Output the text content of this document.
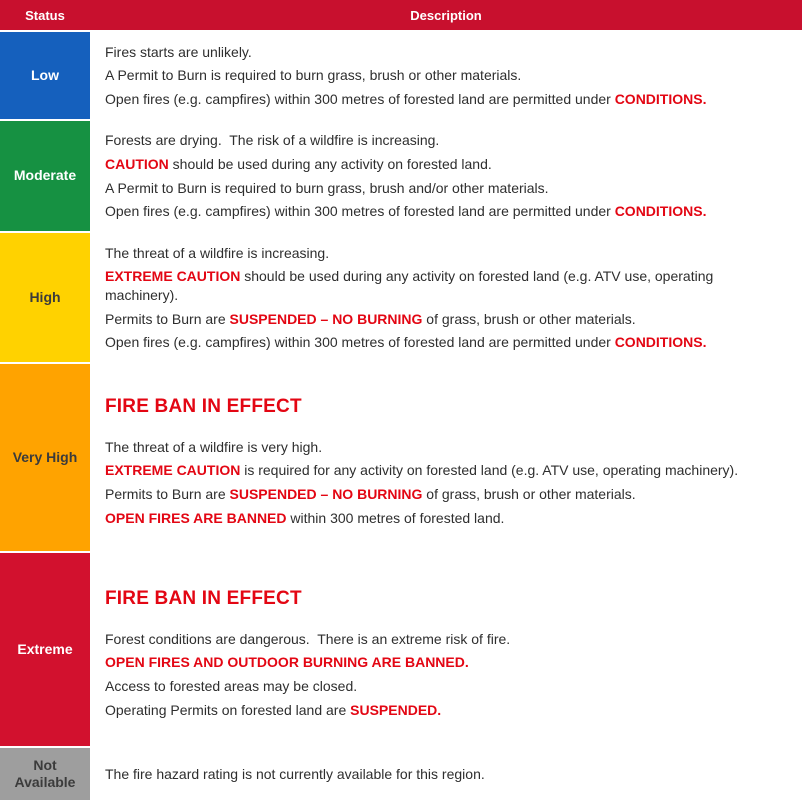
Status	Description
Low

Fires starts are unlikely.

A Permit to Burn is required to burn grass, brush or other materials.

Open fires (e.g. campfires) within 300 metres of forested land are permitted under CONDITIONS.

Moderate

Forests are drying.  The risk of a wildfire is increasing.

CAUTION should be used during any activity on forested land.

A Permit to Burn is required to burn grass, brush and/or other materials.

Open fires (e.g. campfires) within 300 metres of forested land are permitted under CONDITIONS.

High

The threat of a wildfire is increasing.

EXTREME CAUTION should be used during any activity on forested land (e.g. ATV use, operating machinery).

Permits to Burn are SUSPENDED – NO BURNING of grass, brush or other materials.

Open fires (e.g. campfires) within 300 metres of forested land are permitted under CONDITIONS.

Very High

FIRE BAN IN EFFECT

The threat of a wildfire is very high.

EXTREME CAUTION is required for any activity on forested land (e.g. ATV use, operating machinery).

Permits to Burn are SUSPENDED – NO BURNING of grass, brush or other materials.

OPEN FIRES ARE BANNED within 300 metres of forested land.

Extreme

FIRE BAN IN EFFECT

Forest conditions are dangerous.  There is an extreme risk of fire.

OPEN FIRES AND OUTDOOR BURNING ARE BANNED.

Access to forested areas may be closed.

Operating Permits on forested land are SUSPENDED.

Not Available

The fire hazard rating is not currently available for this region.
